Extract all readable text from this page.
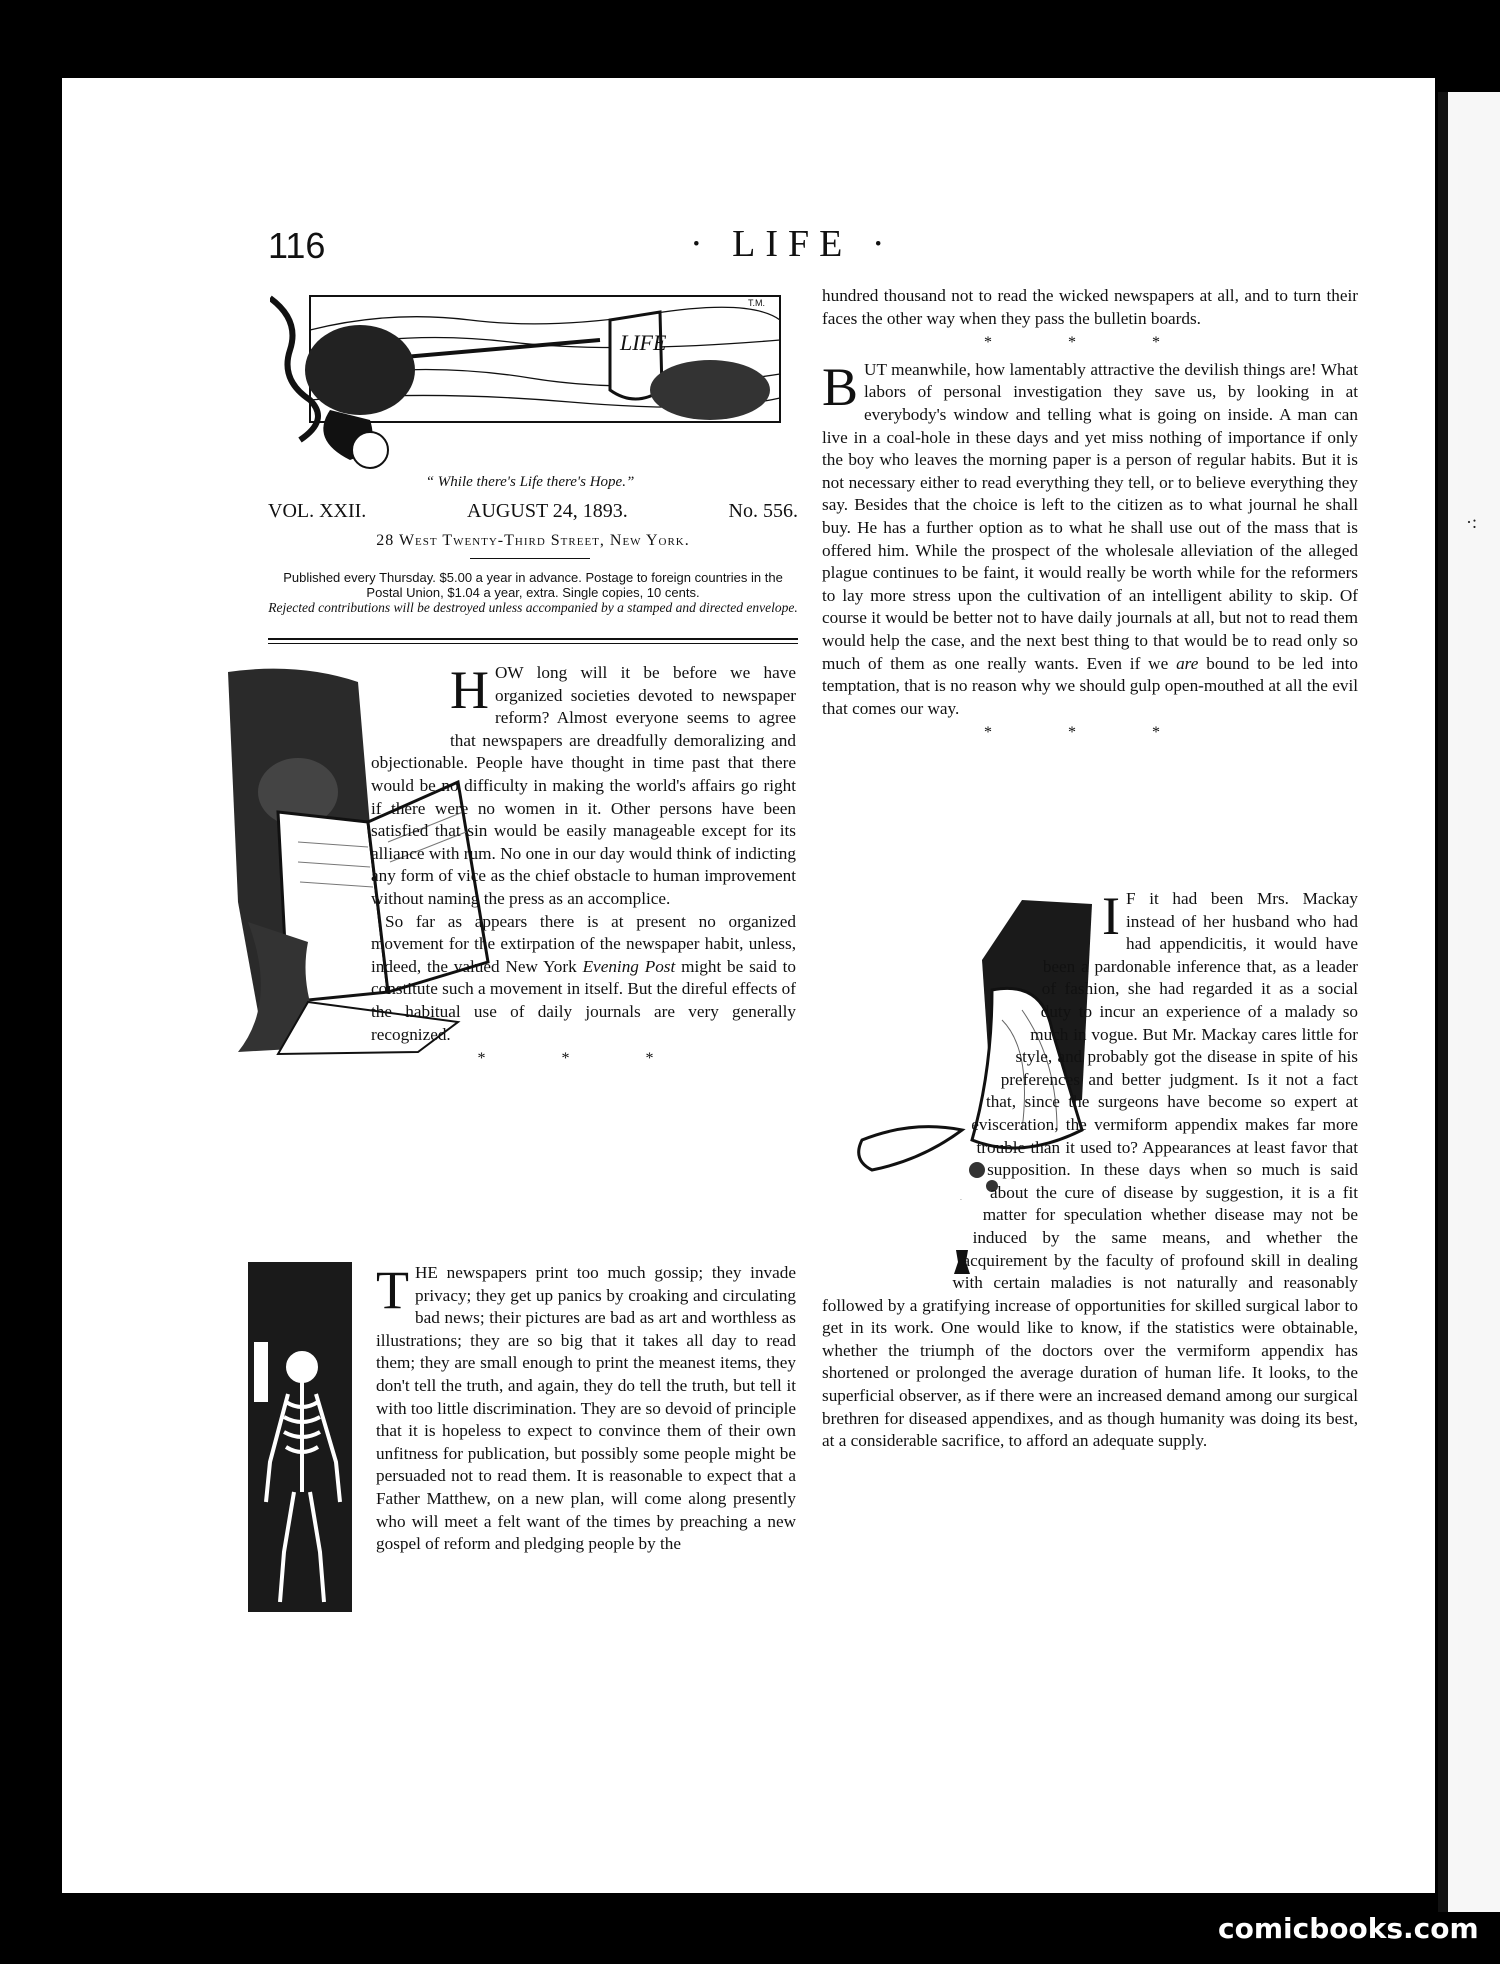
·:
116	· LIFE ·
LIFE
T.M.
“ While there's Life there's Hope.”
VOL. XXII.	AUGUST 24, 1893.	No. 556.
28 West Twenty-Third Street, New York.
Published every Thursday. $5.00 a year in advance. Postage to foreign countries in the Postal Union, $1.04 a year, extra. Single copies, 10 cents.
Rejected contributions will be destroyed unless accompanied by a stamped and directed envelope.

HOW long will it be before we have organized societies devoted to newspaper reform? Almost everyone seems to agree that newspapers are dreadfully demoralizing and objectionable. People have thought in time past that there would be no difficulty in making the world's affairs go right if there were no women in it. Other persons have been satisfied that sin would be easily manageable except for its alliance with rum. No one in our day would think of indicting any form of vice as the chief obstacle to human improvement without naming the press as an accomplice.

So far as appears there is at present no organized movement for the extirpation of the newspaper habit, unless, indeed, the valued New York Evening Post might be said to constitute such a movement in itself. But the direful effects of the habitual use of daily journals are very generally recognized.

* * *

THE newspapers print too much gossip; they invade privacy; they get up panics by croaking and circulating bad news; their pictures are bad as art and worthless as illustrations; they are so big that it takes all day to read them; they are small enough to print the meanest items, they don't tell the truth, and again, they do tell the truth, but tell it with too little discrimination. They are so devoid of principle that it is hopeless to expect to convince them of their own unfitness for publication, but possibly some people might be persuaded not to read them. It is reasonable to expect that a Father Matthew, on a new plan, will come along presently who will meet a felt want of the times by preaching a new gospel of reform and pledging people by the

hundred thousand not to read the wicked newspapers at all, and to turn their faces the other way when they pass the bulletin boards.

* * *

BUT meanwhile, how lamentably attractive the devilish things are! What labors of personal investigation they save us, by looking in at everybody's window and telling what is going on inside. A man can live in a coal-hole in these days and yet miss nothing of importance if only the boy who leaves the morning paper is a person of regular habits. But it is not necessary either to read everything they tell, or to believe everything they say. Besides that the choice is left to the citizen as to what journal he shall buy. He has a further option as to what he shall use out of the mass that is offered him. While the prospect of the wholesale alleviation of the alleged plague continues to be faint, it would really be worth while for the reformers to lay more stress upon the cultivation of an intelligent ability to skip. Of course it would be better not to have daily journals at all, but not to read them would help the case, and the next best thing to that would be to read only so much of them as one really wants. Even if we are bound to be led into temptation, that is no reason why we should gulp open-mouthed at all the evil that comes our way.

* * *

I F it had been Mrs. Mackay instead of her husband who had had appendicitis, it would have been a pardonable inference that, as a leader of fashion, she had regarded it as a social duty to incur an experience of a malady so much in vogue. But Mr. Mackay cares little for style, and probably got the disease in spite of his preferences and better judgment. Is it not a fact that, since the surgeons have become so expert at evisceration, the vermiform appendix makes far more trouble than it used to? Appearances at least favor that supposition. In these days when so much is said about the cure of disease by suggestion, it is a fit matter for speculation whether disease may not be induced by the same means, and whether the acquirement by the faculty of profound skill in dealing with certain maladies is not naturally and reasonably followed by a gratifying increase of opportunities for skilled surgical labor to get in its work. One would like to know, if the statistics were obtainable, whether the triumph of the doctors over the vermiform appendix has shortened or prolonged the average duration of human life. It looks, to the superficial observer, as if there were an increased demand among our surgical brethren for diseased appendixes, and as though humanity was doing its best, at a considerable sacrifice, to afford an adequate supply.

comicbooks.com
